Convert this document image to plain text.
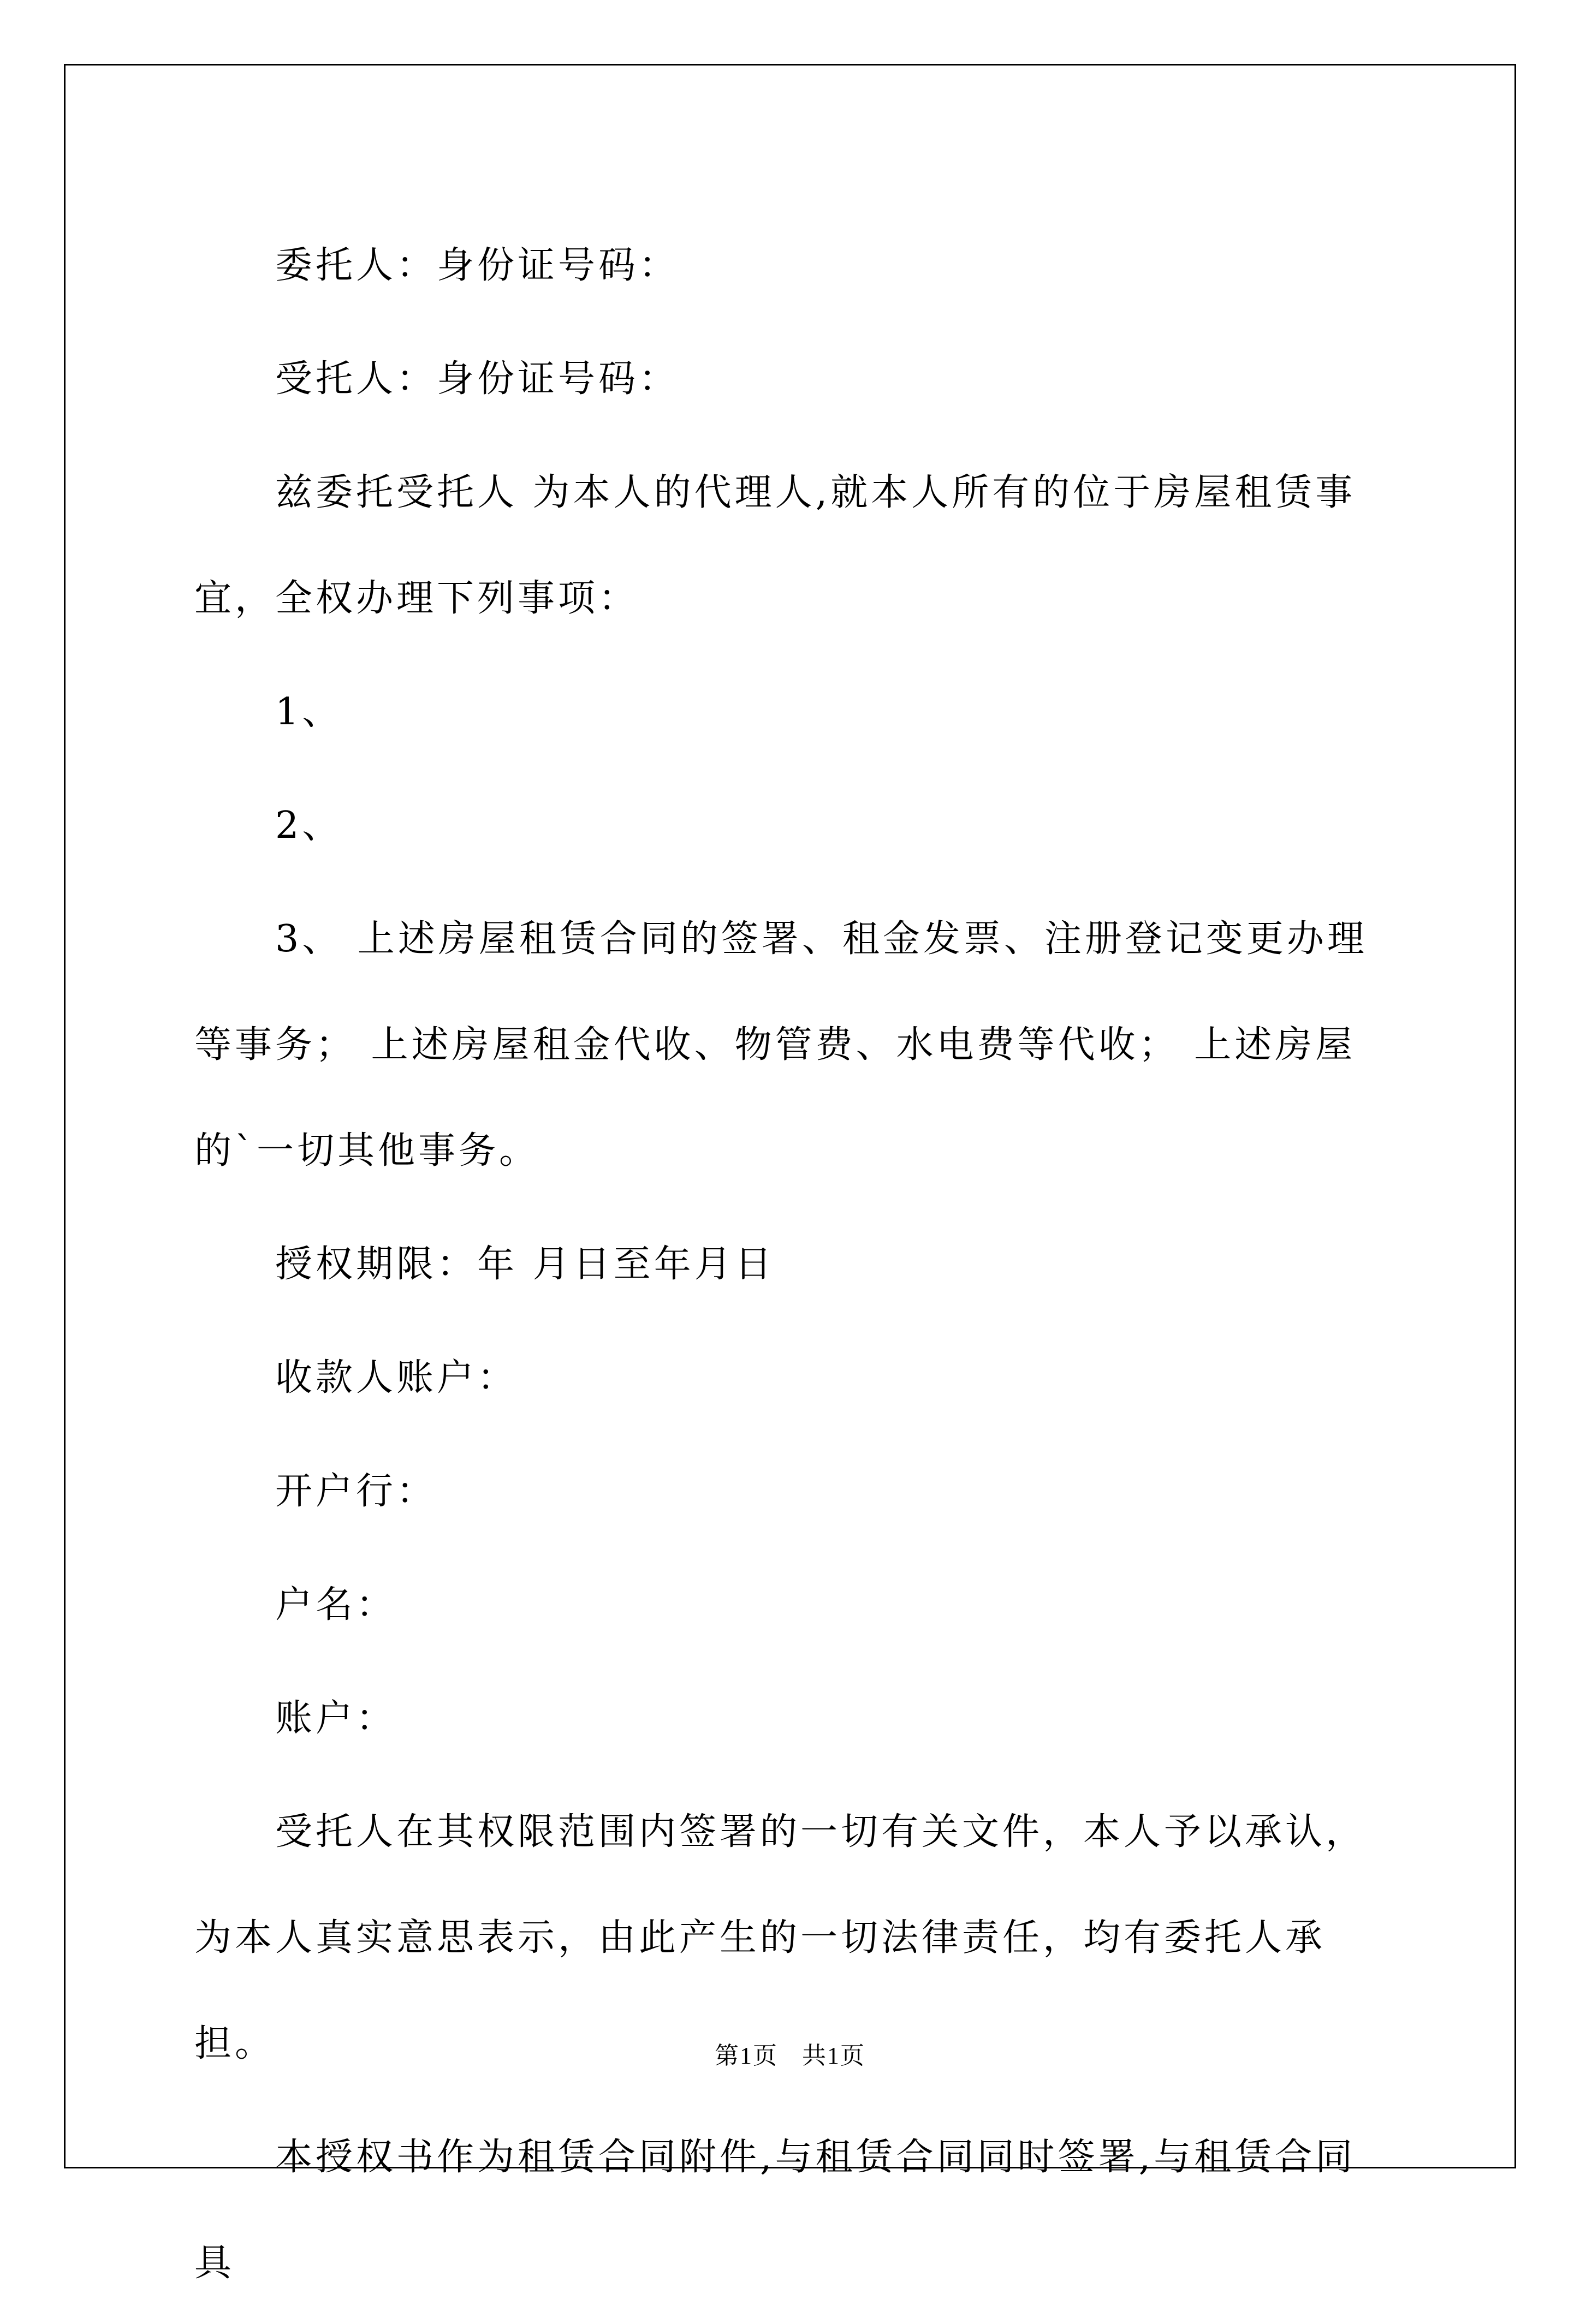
委托人：身份证号码：

受托人：身份证号码：

兹委托受托人 为本人的代理人,就本人所有的位于房屋租赁事宜，全权办理下列事项：

1、

2、

3、 上述房屋租赁合同的签署、租金发票、注册登记变更办理等事务； 上述房屋租金代收、物管费、水电费等代收； 上述房屋的`一切其他事务。

授权期限：年 月日至年月日

收款人账户：

开户行：

户名：

账户：

受托人在其权限范围内签署的一切有关文件，本人予以承认，为本人真实意思表示，由此产生的一切法律责任，均有委托人承担。

本授权书作为租赁合同附件,与租赁合同同时签署,与租赁合同具

第1页 共1页
